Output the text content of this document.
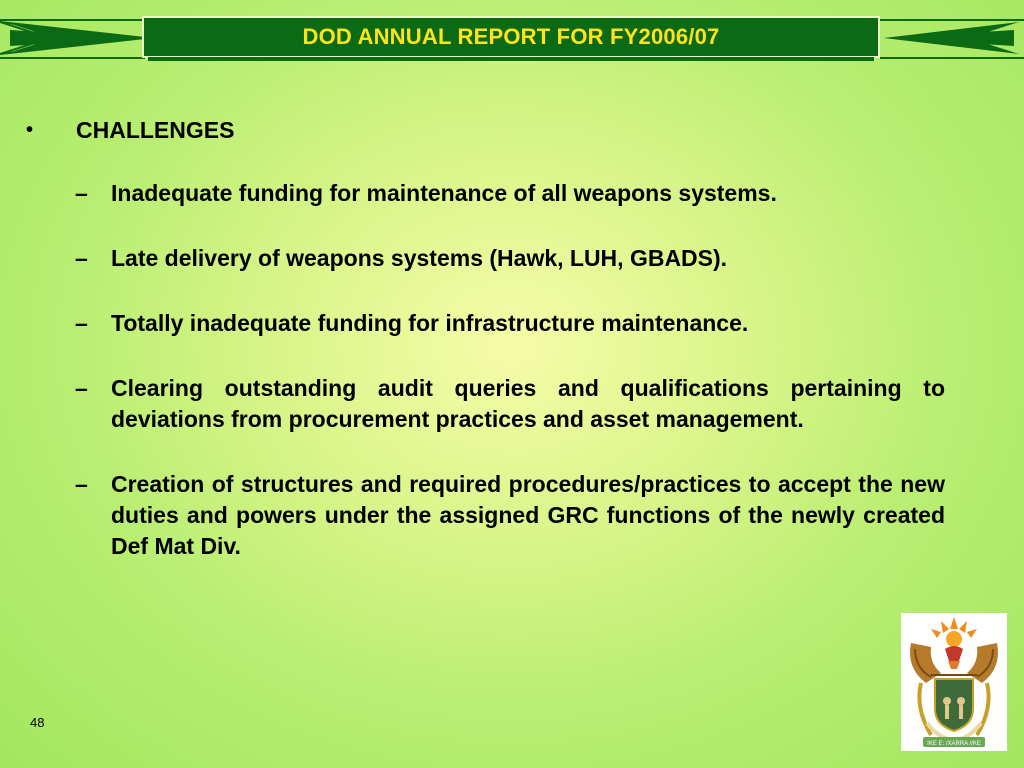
DOD ANNUAL REPORT FOR FY2006/07
•	CHALLENGES
–	Inadequate funding for maintenance of all weapons systems.
–	Late delivery of weapons systems (Hawk, LUH, GBADS).
–	Totally inadequate funding for infrastructure maintenance.
–	Clearing outstanding audit queries and qualifications pertaining to deviations from procurement practices and asset management.
–	Creation of structures and required procedures/practices to accept the new duties and powers under the assigned GRC functions of the newly created Def Mat Div.
48
!KE E: /XARRA //KE
